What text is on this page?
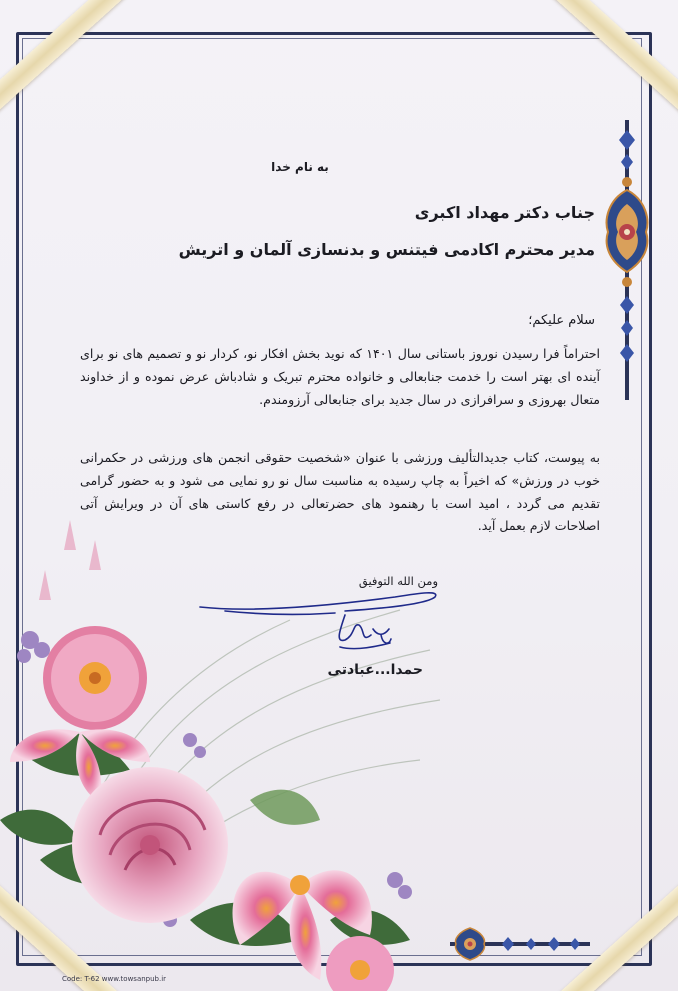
به نام خدا
جناب دکتر مهداد اکبری
مدیر محترم اکادمی فیتنس و بدنسازی آلمان و اتریش
سلام علیکم؛
احتراماً فرا رسیدن نوروز باستانی سال ۱۴۰۱ که نوید بخش افکار نو، کردار نو و تصمیم های نو برای آینده ای بهتر است را خدمت جنابعالی و خانواده محترم تبریک و شادباش عرض نموده و از خداوند متعال بهروزی و سرافرازی در سال جدید برای جنابعالی آرزومندم.
به پیوست، کتاب جدیدالتألیف ورزشی با عنوان «شخصیت حقوقی انجمن های ورزشی در حکمرانی خوب در ورزش» که اخیراً به چاپ رسیده به مناسبت سال نو رو نمایی می شود و به حضور گرامی تقدیم می گردد ، امید است با رهنمود های حضرتعالی در رفع کاستی های آن در ویرایش آتی اصلاحات لازم بعمل آید.
ومن الله التوفیق
حمدا...عبادتی
Code: T-62 www.towsanpub.ir
